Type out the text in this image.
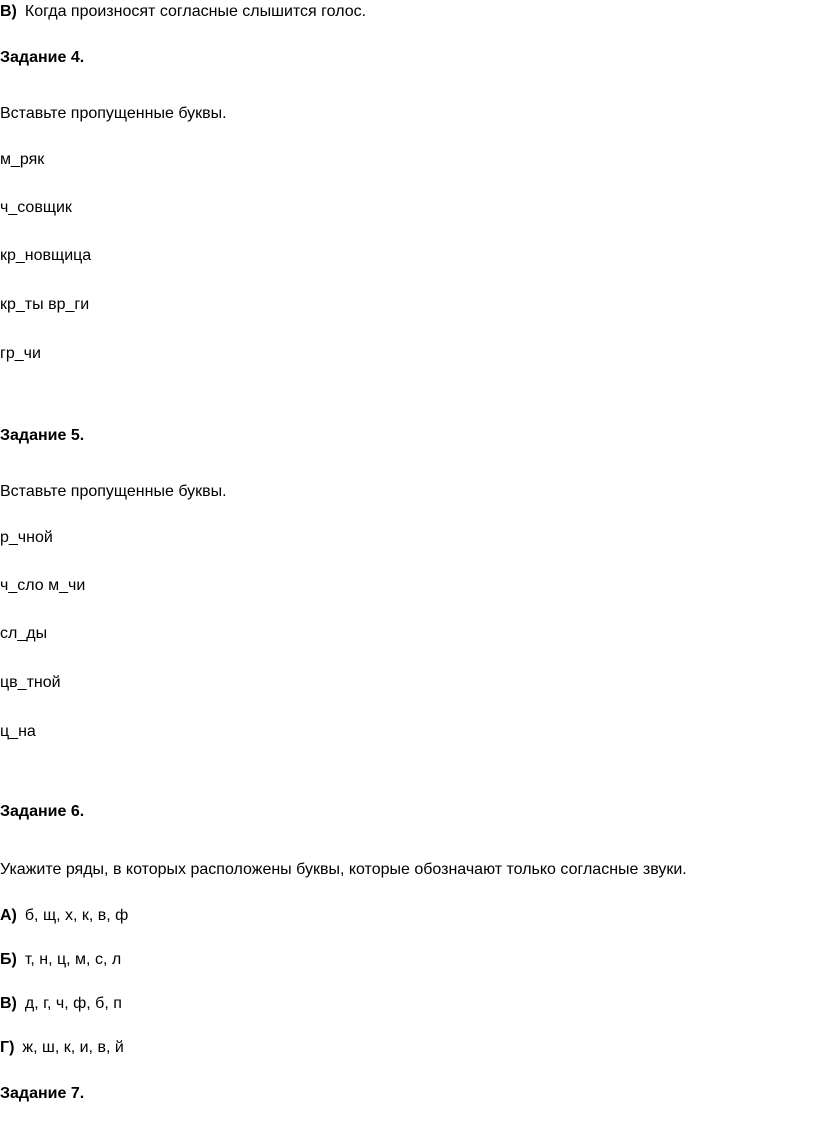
В) Когда произносят согласные слышится голос.
Задание 4.
Вставьте пропущенные буквы.
м_ряк
ч_совщик
кр_новщица
кр_ты вр_ги
гр_чи
Задание 5.
Вставьте пропущенные буквы.
р_чной
ч_сло м_чи
сл_ды
цв_тной
ц_на
Задание 6.
Укажите ряды, в которых расположены буквы, которые обозначают только согласные звуки.
А) б, щ, х, к, в, ф
Б) т, н, ц, м, с, л
В) д, г, ч, ф, б, п
Г) ж, ш, к, и, в, й
Задание 7.
